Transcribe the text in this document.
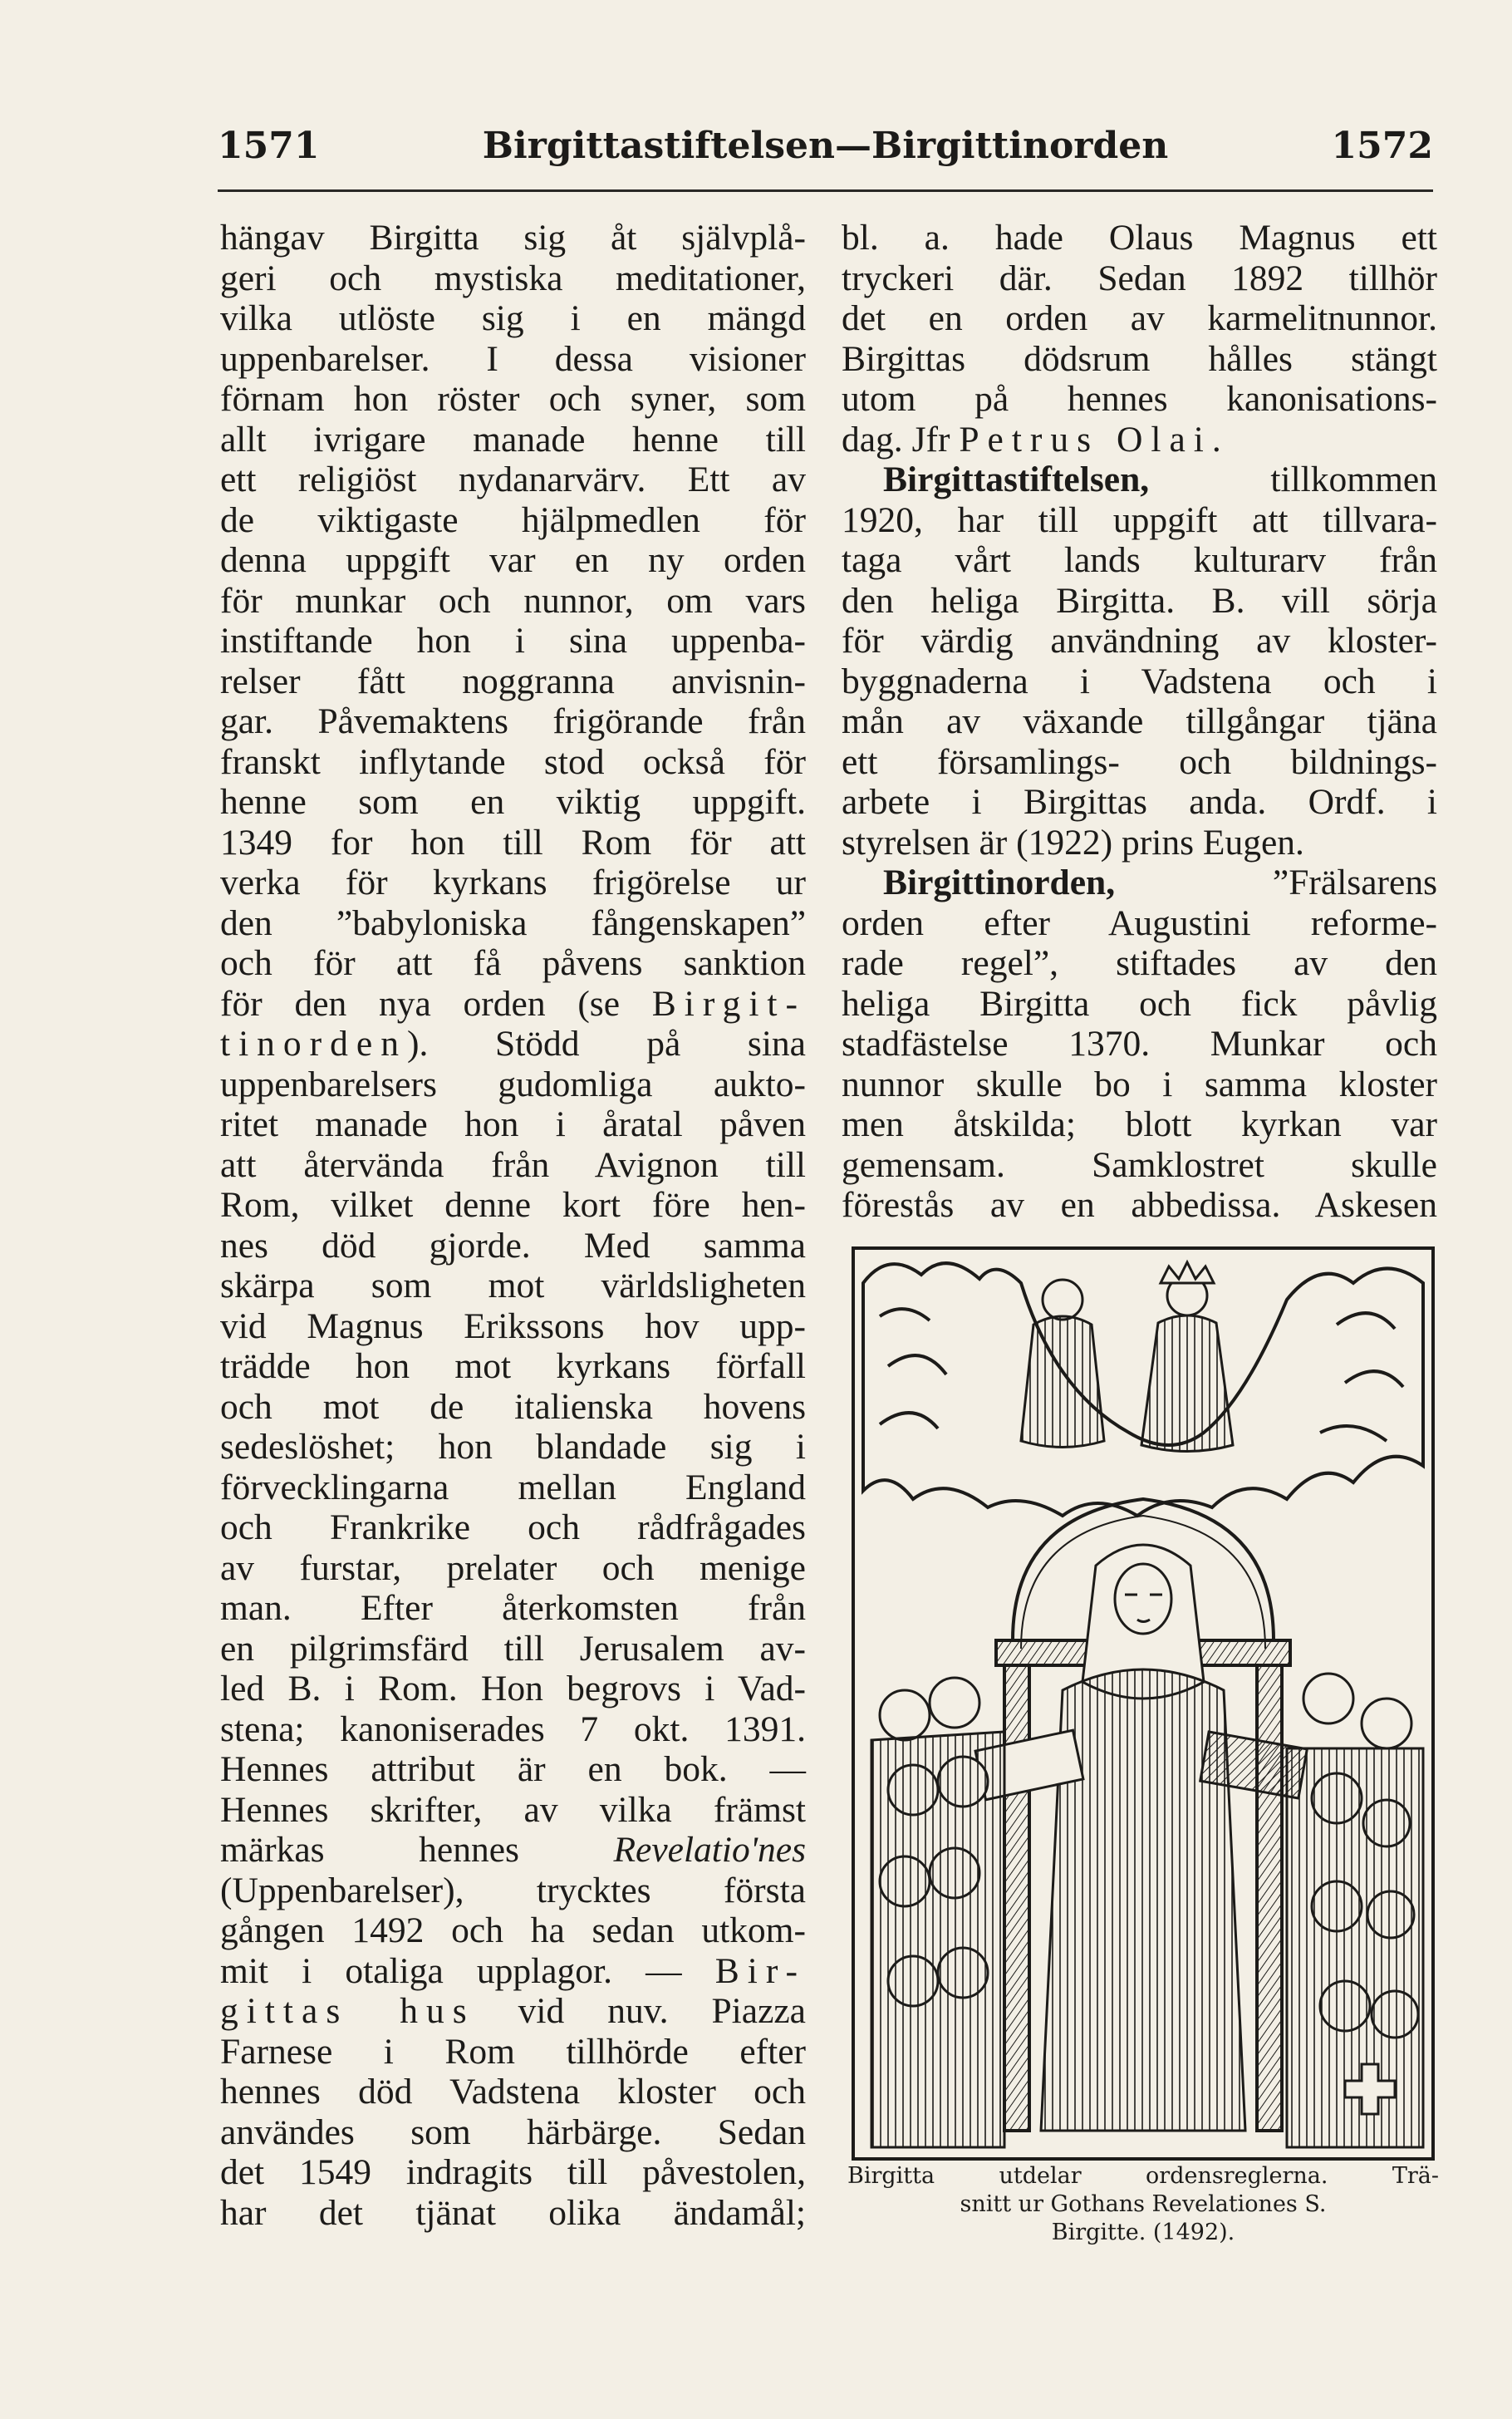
1571	Birgittastiftelsen—Birgittinorden	1572
hängav Birgitta sig åt självplå-
geri och mystiska meditationer,
vilka utlöste sig i en mängd
uppenbarelser. I dessa visioner
förnam hon röster och syner, som
allt ivrigare manade henne till
ett religiöst nydanarvärv. Ett av
de viktigaste hjälpmedlen för
denna uppgift var en ny orden
för munkar och nunnor, om vars
instiftande hon i sina uppenba-
relser fått noggranna anvisnin-
gar. Påvemaktens frigörande från
franskt inflytande stod också för
henne som en viktig uppgift.
1349 for hon till Rom för att
verka för kyrkans frigörelse ur
den ”babyloniska fångenskapen”
och för att få påvens sanktion
för den nya orden (se Birgit-
tinorden). Stödd på sina
uppenbarelsers gudomliga aukto-
ritet manade hon i åratal påven
att återvända från Avignon till
Rom, vilket denne kort före hen-
nes död gjorde. Med samma
skärpa som mot världsligheten
vid Magnus Erikssons hov upp-
trädde hon mot kyrkans förfall
och mot de italienska hovens
sedeslöshet; hon blandade sig i
förvecklingarna mellan England
och Frankrike och rådfrågades
av furstar, prelater och menige
man. Efter återkomsten från
en pilgrimsfärd till Jerusalem av-
led B. i Rom. Hon begrovs i Vad-
stena; kanoniserades 7 okt. 1391.
Hennes attribut är en bok. —
Hennes skrifter, av vilka främst
märkas hennes Revelatio'nes
(Uppenbarelser), trycktes första
gången 1492 och ha sedan utkom-
mit i otaliga upplagor. — Bir-
gittas hus vid nuv. Piazza
Farnese i Rom tillhörde efter
hennes död Vadstena kloster och
användes som härbärge. Sedan
det 1549 indragits till påvestolen,
har det tjänat olika ändamål;
bl. a. hade Olaus Magnus ett
tryckeri där. Sedan 1892 tillhör
det en orden av karmelitnunnor.
Birgittas dödsrum hålles stängt
utom på hennes kanonisations-
dag. Jfr Petrus Olai.
Birgittastiftelsen, tillkommen
1920, har till uppgift att tillvara-
taga vårt lands kulturarv från
den heliga Birgitta. B. vill sörja
för värdig användning av kloster-
byggnaderna i Vadstena och i
mån av växande tillgångar tjäna
ett församlings- och bildnings-
arbete i Birgittas anda. Ordf. i
styrelsen är (1922) prins Eugen.
Birgittinorden, ”Frälsarens
orden efter Augustini reforme-
rade regel”, stiftades av den
heliga Birgitta och fick påvlig
stadfästelse 1370. Munkar och
nunnor skulle bo i samma kloster
men åtskilda; blott kyrkan var
gemensam. Samklostret skulle
förestås av en abbedissa. Askesen
Birgitta utdelar ordensreglerna. Trä-
snitt ur Gothans Revelationes S.
Birgitte. (1492).
